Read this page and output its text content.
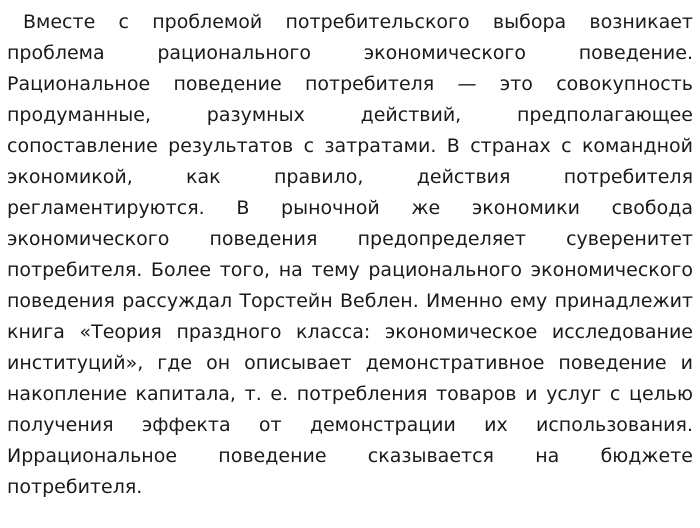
Вместе с проблемой потребительского выбора возникает проблема рационального экономического поведение. Рациональное поведение потребителя — это совокупность продуманные, разумных действий, предполагающее сопоставление результатов с затратами. В странах с командной экономикой, как правило, действия потребителя регламентируются. В рыночной же экономики свобода экономического поведения предопределяет суверенитет потребителя. Более того, на тему рационального экономического поведения рассуждал Торстейн Веблен. Именно ему принадлежит книга «Теория праздного класса: экономическое исследование институций», где он описывает демонстративное поведение и накопление капитала, т. е. потребления товаров и услуг с целью получения эффекта от демонстрации их использования. Иррациональное поведение сказывается на бюджете потребителя.
